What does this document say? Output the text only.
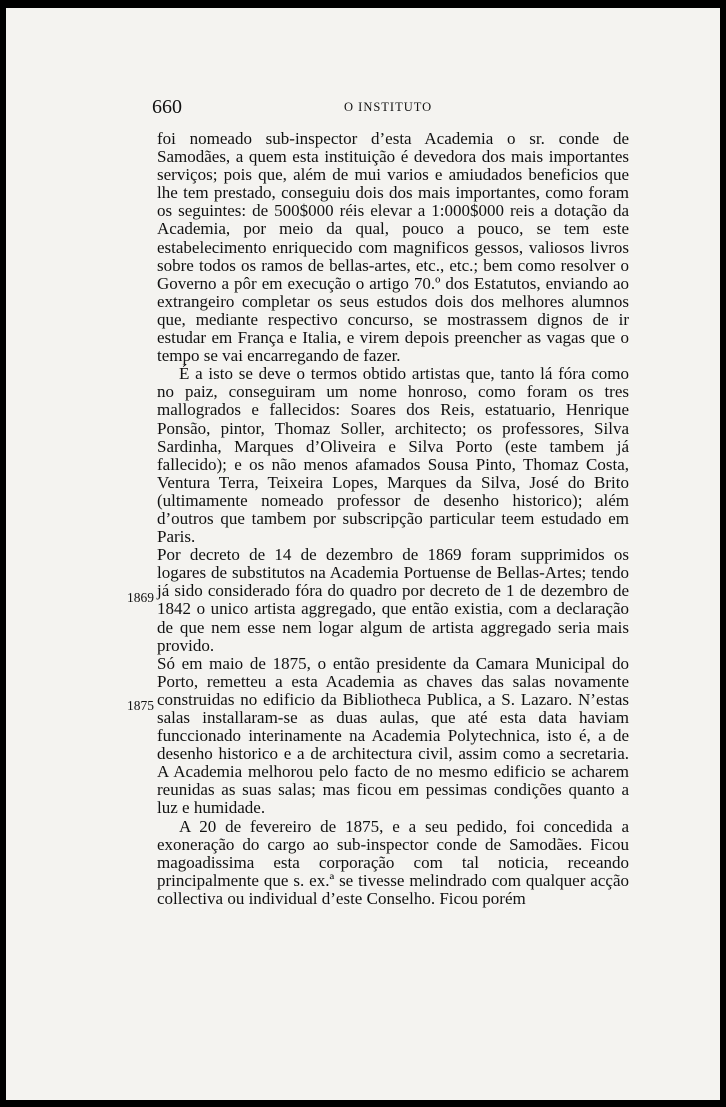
660	O INSTITUTO
1869
1875

foi nomeado sub-inspector d’esta Academia o sr. conde de Samodães, a quem esta instituição é devedora dos mais importantes serviços; pois que, além de mui varios e amiudados beneficios que lhe tem prestado, conseguiu dois dos mais importantes, como foram os seguintes: de 500$000 réis elevar a 1:000$000 reis a dotação da Academia, por meio da qual, pouco a pouco, se tem este estabelecimento enriquecido com magnificos gessos, valiosos livros sobre todos os ramos de bellas-artes, etc., etc.; bem como resolver o Governo a pôr em execução o artigo 70.º dos Estatutos, enviando ao extrangeiro completar os seus estudos dois dos melhores alumnos que, mediante respectivo concurso, se mostrassem dignos de ir estudar em França e Italia, e virem depois preencher as vagas que o tempo se vai encarregando de fazer.

É a isto se deve o termos obtido artistas que, tanto lá fóra como no paiz, conseguiram um nome honroso, como foram os tres mallogrados e fallecidos: Soares dos Reis, estatuario, Henrique Ponsão, pintor, Thomaz Soller, architecto; os professores, Silva Sardinha, Marques d’Oliveira e Silva Porto (este tambem já fallecido); e os não menos afamados Sousa Pinto, Thomaz Costa, Ventura Terra, Teixeira Lopes, Marques da Silva, José do Brito (ultimamente nomeado professor de desenho historico); além d’outros que tambem por subscripção particular teem estudado em Paris.

Por decreto de 14 de dezembro de 1869 foram supprimidos os logares de substitutos na Academia Portuense de Bellas-Artes; tendo já sido considerado fóra do quadro por decreto de 1 de dezembro de 1842 o unico artista aggregado, que então existia, com a declaração de que nem esse nem logar algum de artista aggregado seria mais provido.

Só em maio de 1875, o então presidente da Camara Municipal do Porto, remetteu a esta Academia as chaves das salas novamente construidas no edificio da Bibliotheca Publica, a S. Lazaro. N’estas salas installaram-se as duas aulas, que até esta data haviam funccionado interinamente na Academia Polytechnica, isto é, a de desenho historico e a de architectura civil, assim como a secretaria. A Academia melhorou pelo facto de no mesmo edificio se acharem reunidas as suas salas; mas ficou em pessimas condições quanto a luz e humidade.

A 20 de fevereiro de 1875, e a seu pedido, foi concedida a exoneração do cargo ao sub-inspector conde de Samodães. Ficou magoadissima esta corporação com tal noticia, receando principalmente que s. ex.ª se tivesse melindrado com qualquer acção collectiva ou individual d’este Conselho. Ficou porém
